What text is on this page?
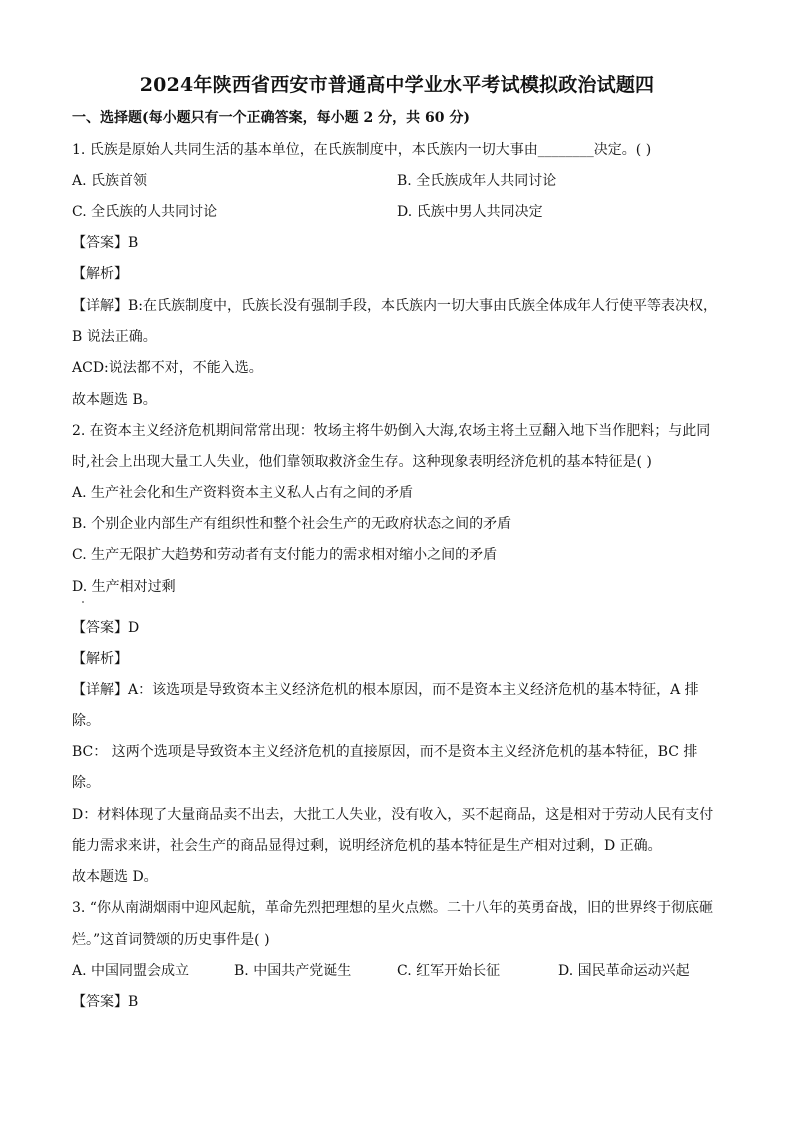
2024年陕西省西安市普通高中学业水平考试模拟政治试题四
一、选择题(每小题只有一个正确答案，每小题 2 分，共 60 分)
1. 氏族是原始人共同生活的基本单位，在氏族制度中，本氏族内一切大事由________决定。( )
A. 氏族首领	B. 全氏族成年人共同讨论
C. 全氏族的人共同讨论	D. 氏族中男人共同决定
【答案】B
【解析】
【详解】B:在氏族制度中，氏族长没有强制手段，本氏族内一切大事由氏族全体成年人行使平等表决权，
B 说法正确。
ACD:说法都不对，不能入选。
故本题选 B。
2. 在资本主义经济危机期间常常出现：牧场主将牛奶倒入大海,农场主将土豆翻入地下当作肥料；与此同
时,社会上出现大量工人失业，他们靠领取救济金生存。这种现象表明经济危机的基本特征是( )
A. 生产社会化和生产资料资本主义私人占有之间的矛盾
B. 个别企业内部生产有组织性和整个社会生产的无政府状态之间的矛盾
C. 生产无限扩大趋势和劳动者有支付能力的需求相对缩小之间的矛盾
D. 生产相对过剩
【答案】D
【解析】
【详解】A：该选项是导致资本主义经济危机的根本原因，而不是资本主义经济危机的基本特征，A 排
除。
BC： 这两个选项是导致资本主义经济危机的直接原因，而不是资本主义经济危机的基本特征，BC 排
除。
D：材料体现了大量商品卖不出去，大批工人失业，没有收入，买不起商品，这是相对于劳动人民有支付
能力需求来讲，社会生产的商品显得过剩，说明经济危机的基本特征是生产相对过剩，D 正确。
故本题选 D。
3. “你从南湖烟雨中迎风起航，革命先烈把理想的星火点燃。二十八年的英勇奋战，旧的世界终于彻底砸
烂。”这首词赞颂的历史事件是( )
A. 中国同盟会成立	B. 中国共产党诞生	C. 红军开始长征	D. 国民革命运动兴起
【答案】B
